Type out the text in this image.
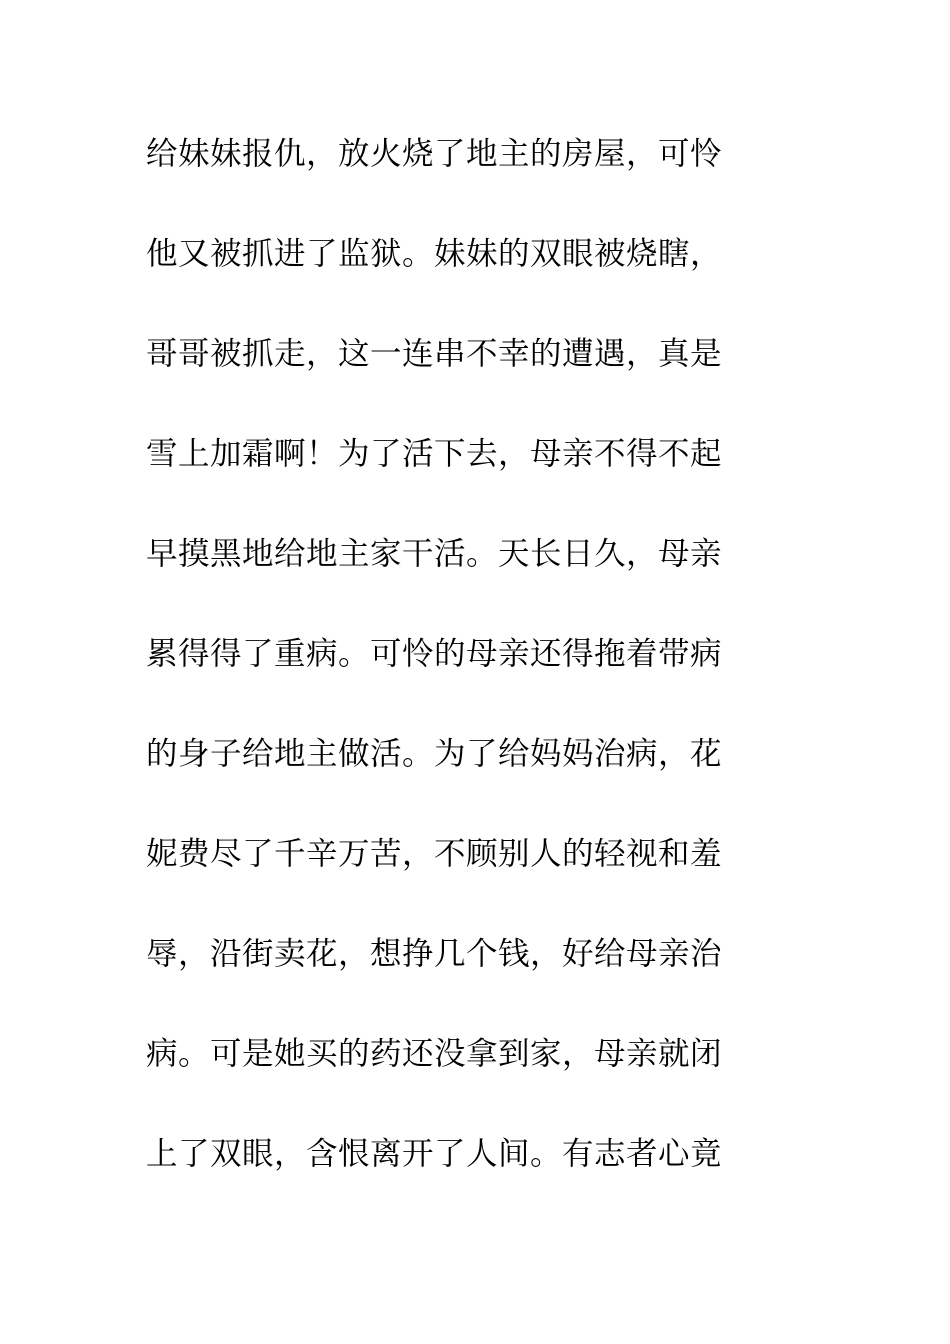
给妹妹报仇，放火烧了地主的房屋，可怜
他又被抓进了监狱。妹妹的双眼被烧瞎，
哥哥被抓走，这一连串不幸的遭遇，真是
雪上加霜啊！为了活下去，母亲不得不起
早摸黑地给地主家干活。天长日久，母亲
累得得了重病。可怜的母亲还得拖着带病
的身子给地主做活。为了给妈妈治病，花
妮费尽了千辛万苦，不顾别人的轻视和羞
辱，沿街卖花，想挣几个钱，好给母亲治
病。可是她买的药还没拿到家，母亲就闭
上了双眼，含恨离开了人间。有志者心竟
